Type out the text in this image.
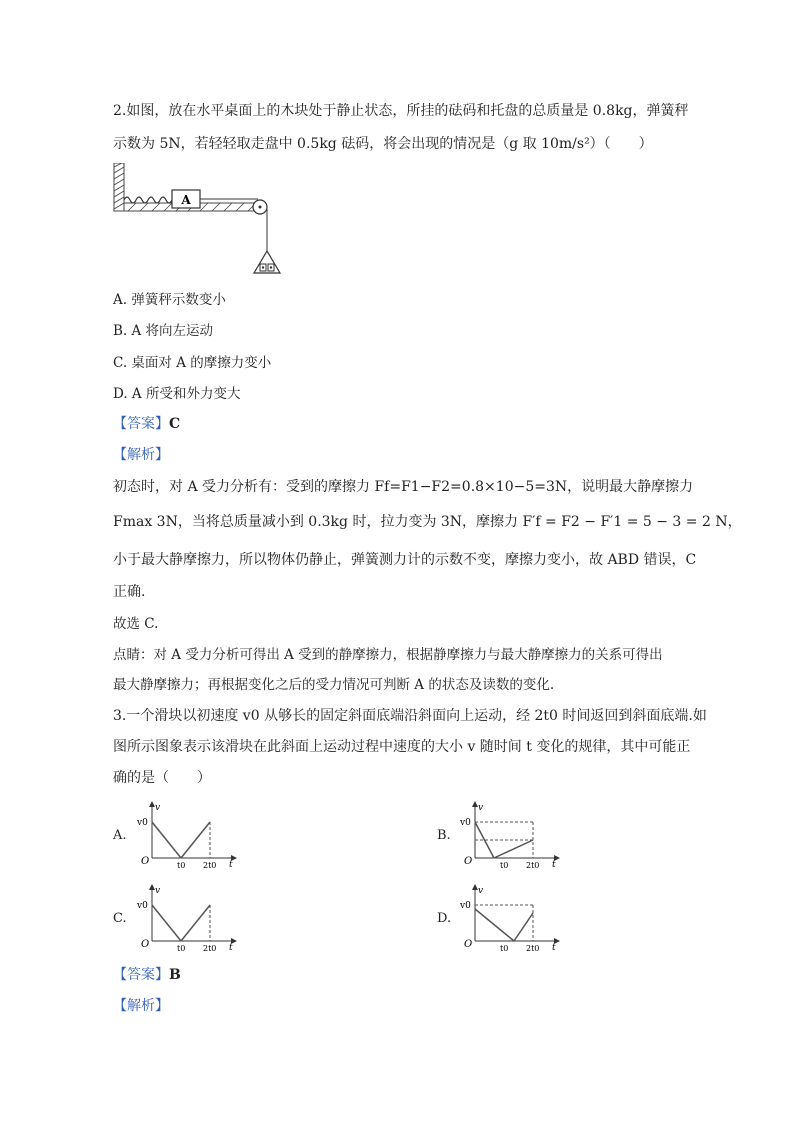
2.如图，放在水平桌面上的木块处于静止状态，所挂的砝码和托盘的总质量是 0.8kg，弹簧秤
示数为 5N，若轻轻取走盘中 0.5kg 砝码，将会出现的情况是（g 取 10m/s²）（　　）
A
A. 弹簧秤示数变小
B. A 将向左运动
C. 桌面对 A 的摩擦力变小
D. A 所受和外力变大
【答案】C
【解析】
初态时，对 A 受力分析有：受到的摩擦力 Ff=F1−F2=0.8×10−5=3N，说明最大静摩擦力
Fmax 3N，当将总质量减小到 0.3kg 时，拉力变为 3N，摩擦力 F′f = F2 − F′1 = 5 − 3 = 2 N，
小于最大静摩擦力，所以物体仍静止，弹簧测力计的示数不变，摩擦力变小，故 ABD 错误，C
正确.
故选 C.
点睛：对 A 受力分析可得出 A 受到的静摩擦力，根据静摩擦力与最大静摩擦力的关系可得出
最大静摩擦力；再根据变化之后的受力情况可判断 A 的状态及读数的变化.
3.一个滑块以初速度 v0 从够长的固定斜面底端沿斜面向上运动，经 2t0 时间返回到斜面底端.如
图所示图象表示该滑块在此斜面上运动过程中速度的大小 v 随时间 t 变化的规律，其中可能正
确的是（　　）
A.	B.
C.	D.
v
v0
O	t0 2t0 t
v
v0
O	t0 2t0 t
v
v0
O	t0 2t0 t
v
v0
O	t0 2t0 t
【答案】B
【解析】
